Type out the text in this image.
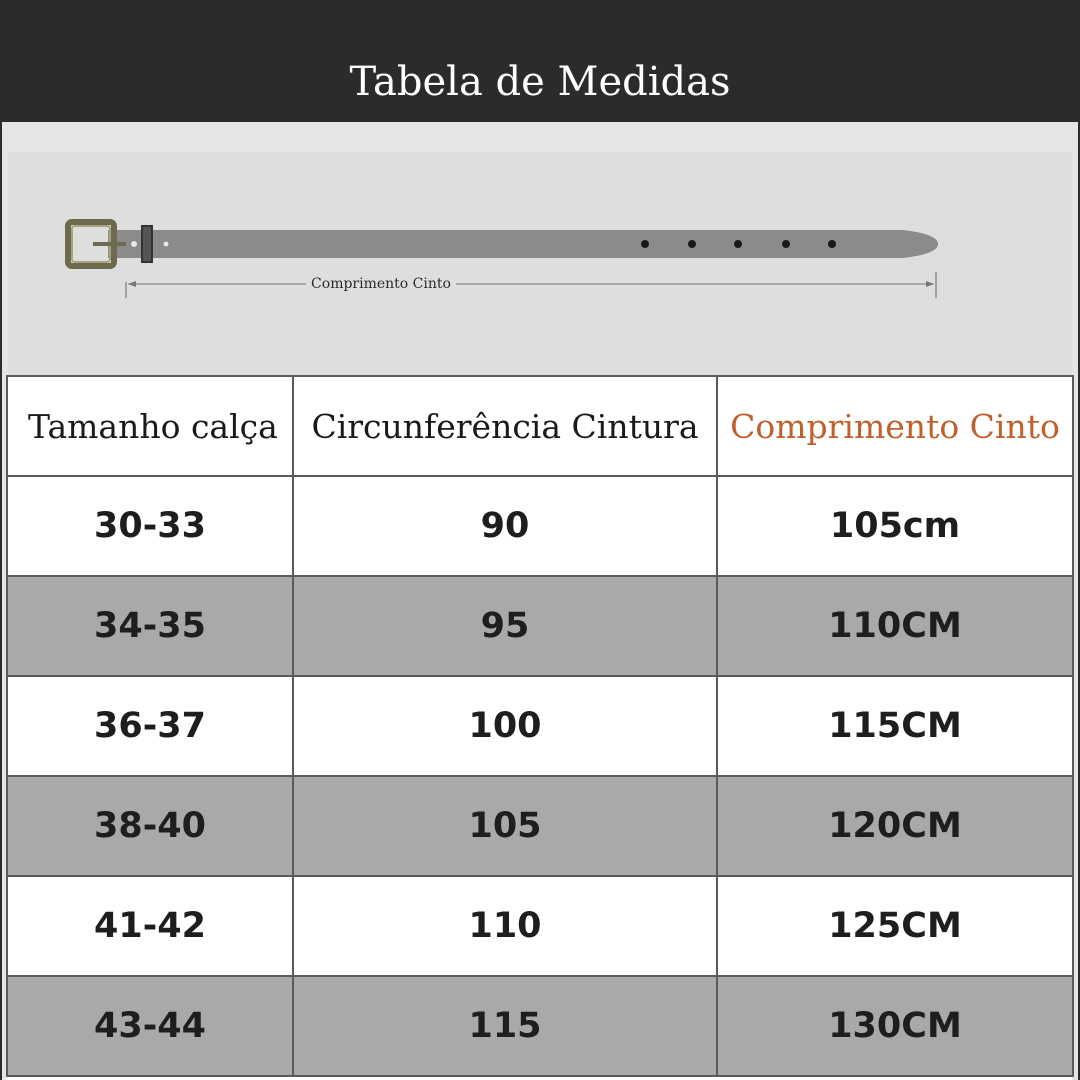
Tabela de Medidas
Comprimento Cinto
Tamanho calça	Circunferência Cintura	Comprimento Cinto
30-33	90	105cm
34-35	95	110CM
36-37	100	115CM
38-40	105	120CM
41-42	110	125CM
43-44	115	130CM
